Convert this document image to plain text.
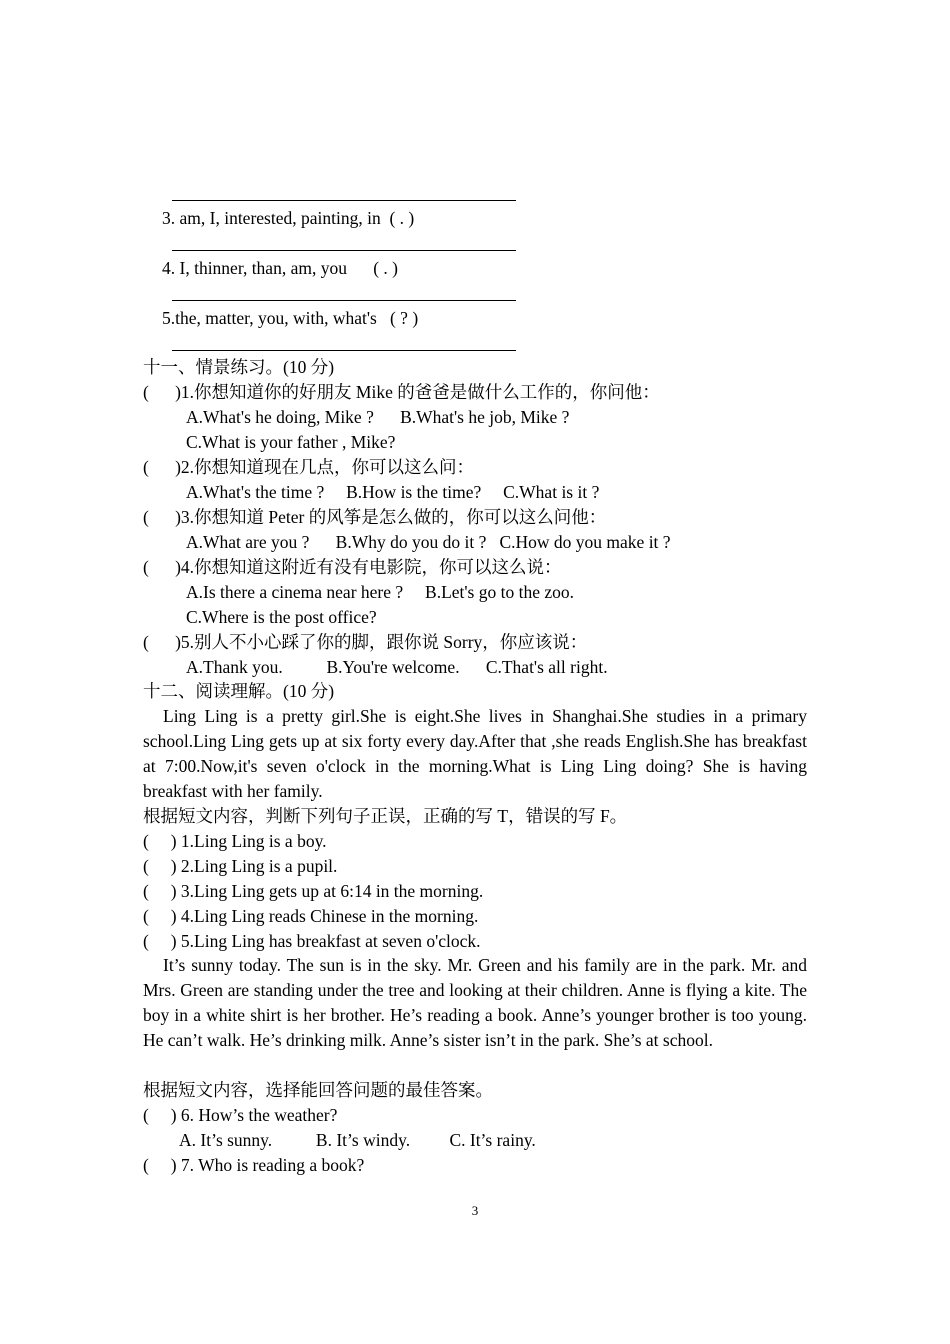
3. am, I, interested, painting, in  ( . )
4. I, thinner, than, am, you      ( . )
5.the, matter, you, with, what's   ( ? )
十一、情景练习。(10 分)
(      )1.你想知道你的好朋友 Mike 的爸爸是做什么工作的，你问他：
A.What's he doing, Mike ?      B.What's he job, Mike ?
C.What is your father , Mike?
(      )2.你想知道现在几点，你可以这么问：
A.What's the time ?     B.How is the time?     C.What is it ?
(      )3.你想知道 Peter 的风筝是怎么做的，你可以这么问他：
A.What are you ?      B.Why do you do it ?   C.How do you make it ?
(      )4.你想知道这附近有没有电影院，你可以这么说：
A.Is there a cinema near here ?     B.Let's go to the zoo.
C.Where is the post office?
(      )5.别人不小心踩了你的脚，跟你说 Sorry，你应该说：
A.Thank you.          B.You're welcome.      C.That's all right.
十二、阅读理解。(10 分)
Ling Ling is a pretty girl.She is eight.She lives in Shanghai.She studies in a primary school.Ling Ling gets up at six forty every day.After that ,she reads English.She has breakfast at 7:00.Now,it's seven o'clock in the morning.What is Ling Ling doing? She is having breakfast with her family.
根据短文内容，判断下列句子正误，正确的写 T，错误的写 F。
(     ) 1.Ling Ling is a boy.
(     ) 2.Ling Ling is a pupil.
(     ) 3.Ling Ling gets up at 6:14 in the morning.
(     ) 4.Ling Ling reads Chinese in the morning.
(     ) 5.Ling Ling has breakfast at seven o'clock.
It’s sunny today. The sun is in the sky. Mr. Green and his family are in the park. Mr. and Mrs. Green are standing under the tree and looking at their children. Anne is flying a kite. The boy in a white shirt is her brother. He’s reading a book. Anne’s younger brother is too young. He can’t walk. He’s drinking milk. Anne’s sister isn’t in the park. She’s at school.
根据短文内容，选择能回答问题的最佳答案。
(     ) 6. How’s the weather?
A. It’s sunny.          B. It’s windy.         C. It’s rainy.
(     ) 7. Who is reading a book?
3
